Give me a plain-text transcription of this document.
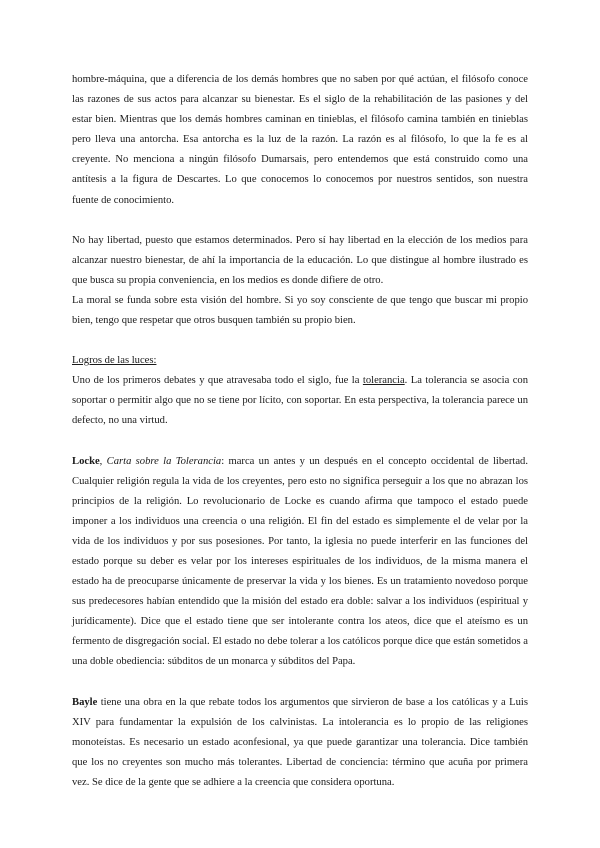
hombre-máquina, que a diferencia de los demás hombres que no saben por qué actúan, el filósofo conoce las razones de sus actos para alcanzar su bienestar. Es el siglo de la rehabilitación de las pasiones y del estar bien. Mientras que los demás hombres caminan en tinieblas, el filósofo camina también en tinieblas pero lleva una antorcha. Esa antorcha es la luz de la razón. La razón es al filósofo, lo que la fe es al creyente. No menciona a ningún filósofo Dumarsais, pero entendemos que está construido como una antítesis a la figura de Descartes. Lo que conocemos lo conocemos por nuestros sentidos, son nuestra fuente de conocimiento.

No hay libertad, puesto que estamos determinados. Pero sí hay libertad en la elección de los medios para alcanzar nuestro bienestar, de ahí la importancia de la educación. Lo que distingue al hombre ilustrado es que busca su propia conveniencia, en los medios es donde difiere de otro.

La moral se funda sobre esta visión del hombre. Si yo soy consciente de que tengo que buscar mi propio bien, tengo que respetar que otros busquen también su propio bien.

Logros de las luces:

Uno de los primeros debates y que atravesaba todo el siglo, fue la tolerancia. La tolerancia se asocia con soportar o permitir algo que no se tiene por lícito, con soportar. En esta perspectiva, la tolerancia parece un defecto, no una virtud.

Locke, Carta sobre la Tolerancia: marca un antes y un después en el concepto occidental de libertad. Cualquier religión regula la vida de los creyentes, pero esto no significa perseguir a los que no abrazan los principios de la religión. Lo revolucionario de Locke es cuando afirma que tampoco el estado puede imponer a los individuos una creencia o una religión. El fin del estado es simplemente el de velar por la vida de los individuos y por sus posesiones. Por tanto, la iglesia no puede interferir en las funciones del estado porque su deber es velar por los intereses espirituales de los individuos, de la misma manera el estado ha de preocuparse únicamente de preservar la vida y los bienes. Es un tratamiento novedoso porque sus predecesores habían entendido que la misión del estado era doble: salvar a los individuos (espiritual y jurídicamente). Dice que el estado tiene que ser intolerante contra los ateos, dice que el ateísmo es un fermento de disgregación social. El estado no debe tolerar a los católicos porque dice que están sometidos a una doble obediencia: súbditos de un monarca y súbditos del Papa.

Bayle tiene una obra en la que rebate todos los argumentos que sirvieron de base a los católicas y a Luis XIV para fundamentar la expulsión de los calvinistas. La intolerancia es lo propio de las religiones monoteístas. Es necesario un estado aconfesional, ya que puede garantizar una tolerancia. Dice también que los no creyentes son mucho más tolerantes. Libertad de conciencia: término que acuña por primera vez. Se dice de la gente que se adhiere a la creencia que considera oportuna.
